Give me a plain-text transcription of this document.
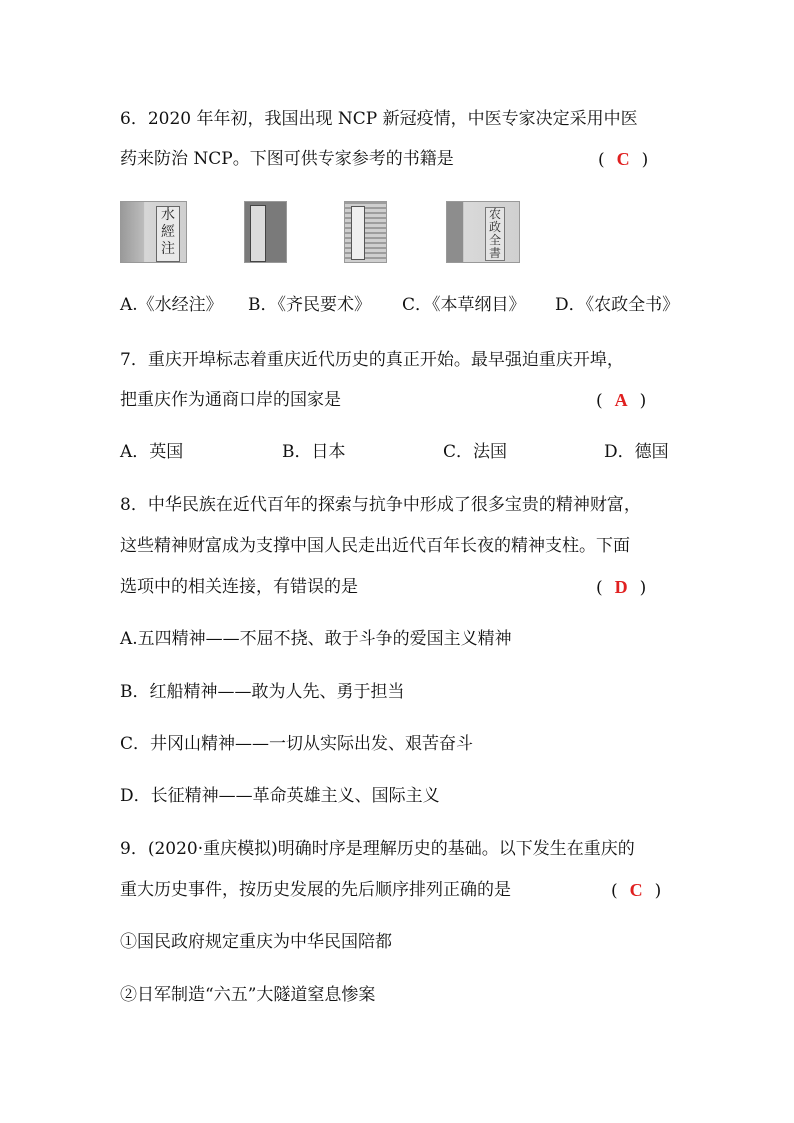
6．2020 年年初，我国出现 NCP 新冠疫情，中医专家决定采用中医
药来防治 NCP。下图可供专家参考的书籍是	( C )
水經注
农政全書
A.《水经注》 B．《齐民要术》 C．《本草纲目》 D．《农政全书》
7．重庆开埠标志着重庆近代历史的真正开始。最早强迫重庆开埠，
把重庆作为通商口岸的国家是	( A )
A．英国	B．日本	C．法国	D．德国
8．中华民族在近代百年的探索与抗争中形成了很多宝贵的精神财富，
这些精神财富成为支撑中国人民走出近代百年长夜的精神支柱。下面
选项中的相关连接，有错误的是	( D )
A.五四精神——不屈不挠、敢于斗争的爱国主义精神
B．红船精神——敢为人先、勇于担当
C．井冈山精神——一切从实际出发、艰苦奋斗
D．长征精神——革命英雄主义、国际主义
9．(2020·重庆模拟)明确时序是理解历史的基础。以下发生在重庆的
重大历史事件，按历史发展的先后顺序排列正确的是	( C )
①国民政府规定重庆为中华民国陪都
②日军制造“六五”大隧道窒息惨案
